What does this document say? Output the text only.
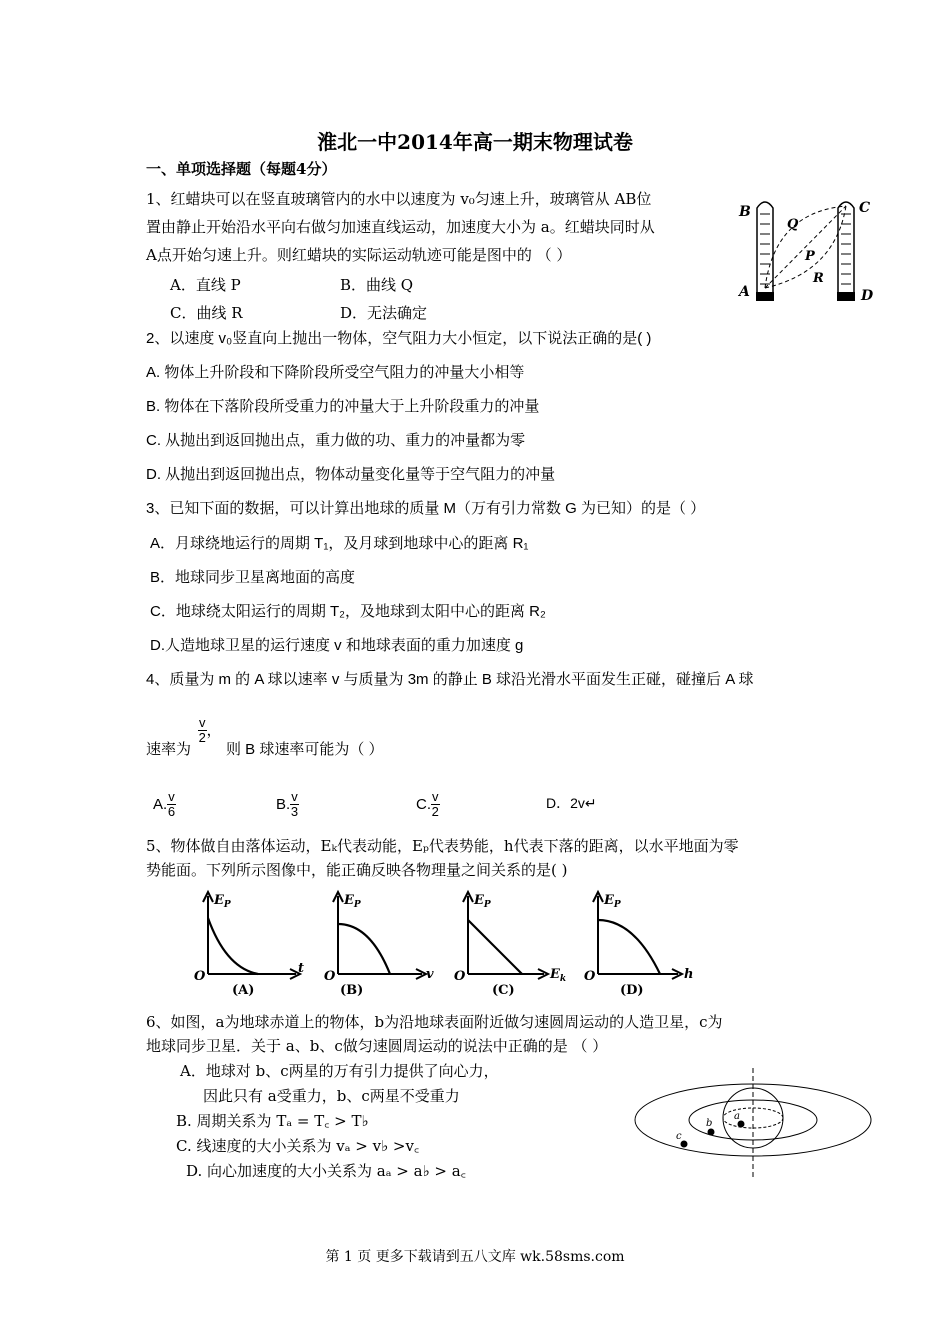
淮北一中2014年高一期末物理试卷
一、单项选择题（每题4分）
1、红蜡块可以在竖直玻璃管内的水中以速度为 v₀匀速上升，玻璃管从 AB位
置由静止开始沿水平向右做匀加速直线运动，加速度大小为 a。红蜡块同时从
A点开始匀速上升。则红蜡块的实际运动轨迹可能是图中的 （ ）
A．直线 P	B．曲线 Q
C．曲线 R	D．无法确定
B	C
A	D
Q
P
R
2、以速度 v₀竖直向上抛出一物体，空气阻力大小恒定，以下说法正确的是( )
A. 物体上升阶段和下降阶段所受空气阻力的冲量大小相等
B. 物体在下落阶段所受重力的冲量大于上升阶段重力的冲量
C. 从抛出到返回抛出点，重力做的功、重力的冲量都为零
D. 从抛出到返回抛出点，物体动量变化量等于空气阻力的冲量
3、已知下面的数据，可以计算出地球的质量 M（万有引力常数 G 为已知）的是（ ）
A．月球绕地运行的周期 T₁，及月球到地球中心的距离 R₁
B．地球同步卫星离地面的高度
C．地球绕太阳运行的周期 T₂，及地球到太阳中心的距离 R₂
D.人造地球卫星的运行速度 v 和地球表面的重力加速度 g
4、质量为 m 的 A 球以速率 v 与质量为 3m 的静止 B 球沿光滑水平面发生正碰，碰撞后 A 球
速率为
$\frac{v}{2}$ ，
则 B 球速率可能为（ ）
A. $\frac{v}{6}$	B. $\frac{v}{3}$	C. $\frac{v}{2}$	D．2v↵
5、物体做自由落体运动，Eₖ代表动能，Eₚ代表势能，h代表下落的距离，以水平地面为零
势能面。下列所示图像中，能正确反映各物理量之间关系的是( )
$E_P$
O
t
(A)
$E_P$
O	v
(B)
$E_P$
O	$E_k$
(C)
$E_P$
O	h
(D)
6、如图，a为地球赤道上的物体，b为沿地球表面附近做匀速圆周运动的人造卫星，c为
地球同步卫星．关于 a、b、c做匀速圆周运动的说法中正确的是 （ ）
A．地球对 b、c两星的万有引力提供了向心力，
因此只有 a受重力，b、c两星不受重力
B. 周期关系为 Tₐ = T꜀ > T♭
C. 线速度的大小关系为 vₐ > v♭ >v꜀
D. 向心加速度的大小关系为 aₐ > a♭ > a꜀
a
b
c
第 1 页 更多下载请到五八文库 wk.58sms.com
